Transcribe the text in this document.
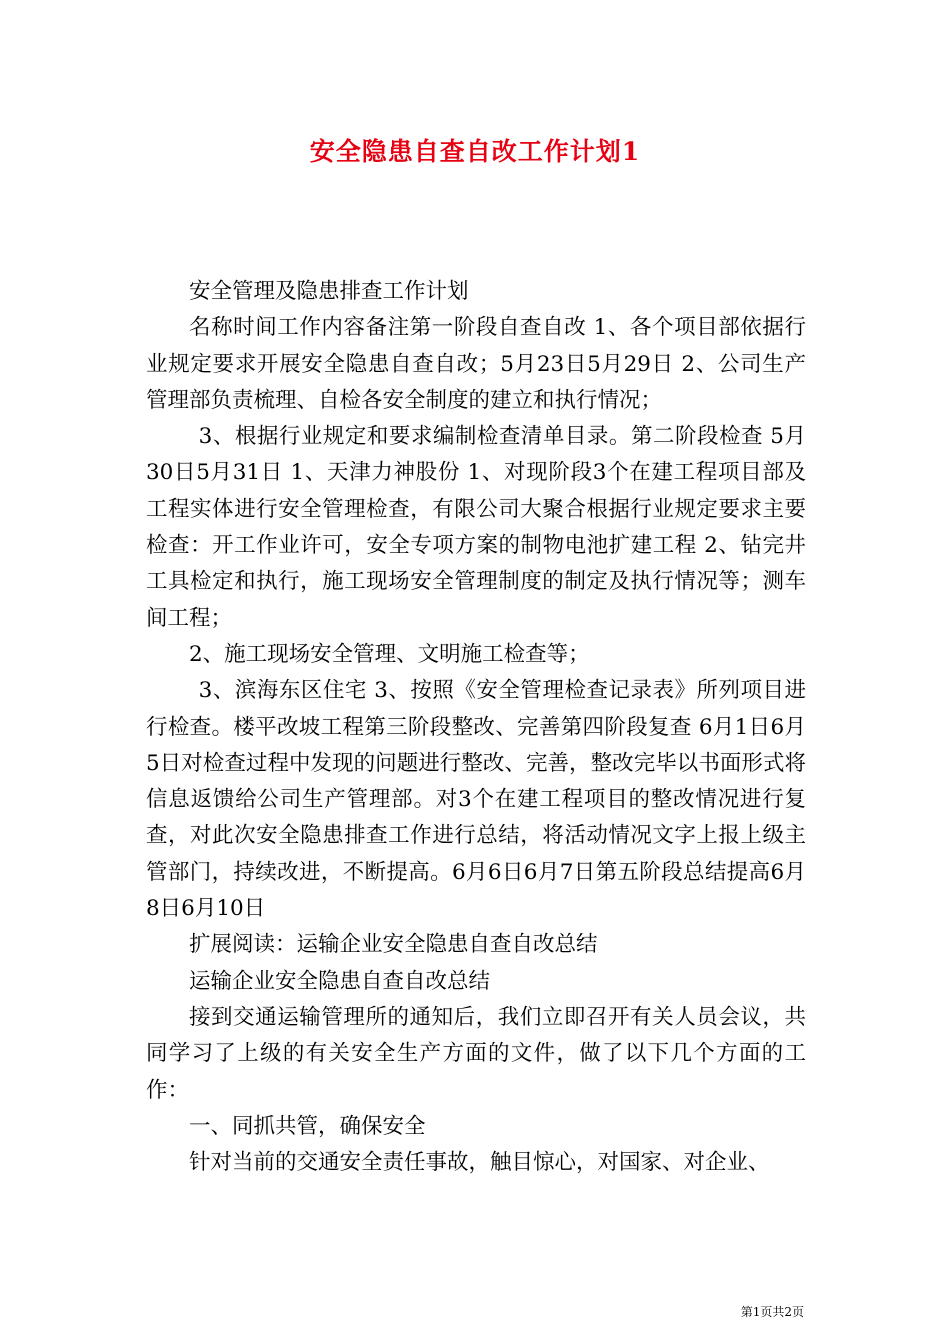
安全隐患自查自改工作计划1

安全管理及隐患排查工作计划

名称时间工作内容备注第一阶段自查自改 1、各个项目部依据行业规定要求开展安全隐患自查自改；5月23日5月29日 2、公司生产管理部负责梳理、自检各安全制度的建立和执行情况；

3、根据行业规定和要求编制检查清单目录。第二阶段检查 5月30日5月31日 1、天津力神股份 1、对现阶段3个在建工程项目部及工程实体进行安全管理检查，有限公司大聚合根据行业规定要求主要检查：开工作业许可，安全专项方案的制物电池扩建工程 2、钻完井工具检定和执行，施工现场安全管理制度的制定及执行情况等；测车间工程；

2、施工现场安全管理、文明施工检查等；

3、滨海东区住宅 3、按照《安全管理检查记录表》所列项目进行检查。楼平改坡工程第三阶段整改、完善第四阶段复查 6月1日6月5日对检查过程中发现的问题进行整改、完善，整改完毕以书面形式将信息返馈给公司生产管理部。对3个在建工程项目的整改情况进行复查，对此次安全隐患排查工作进行总结，将活动情况文字上报上级主管部门，持续改进，不断提高。6月6日6月7日第五阶段总结提高6月8日6月10日

扩展阅读：运输企业安全隐患自查自改总结

运输企业安全隐患自查自改总结

接到交通运输管理所的通知后，我们立即召开有关人员会议，共同学习了上级的有关安全生产方面的文件，做了以下几个方面的工作：

一、同抓共管，确保安全

针对当前的交通安全责任事故，触目惊心，对国家、对企业、

第1页共2页
